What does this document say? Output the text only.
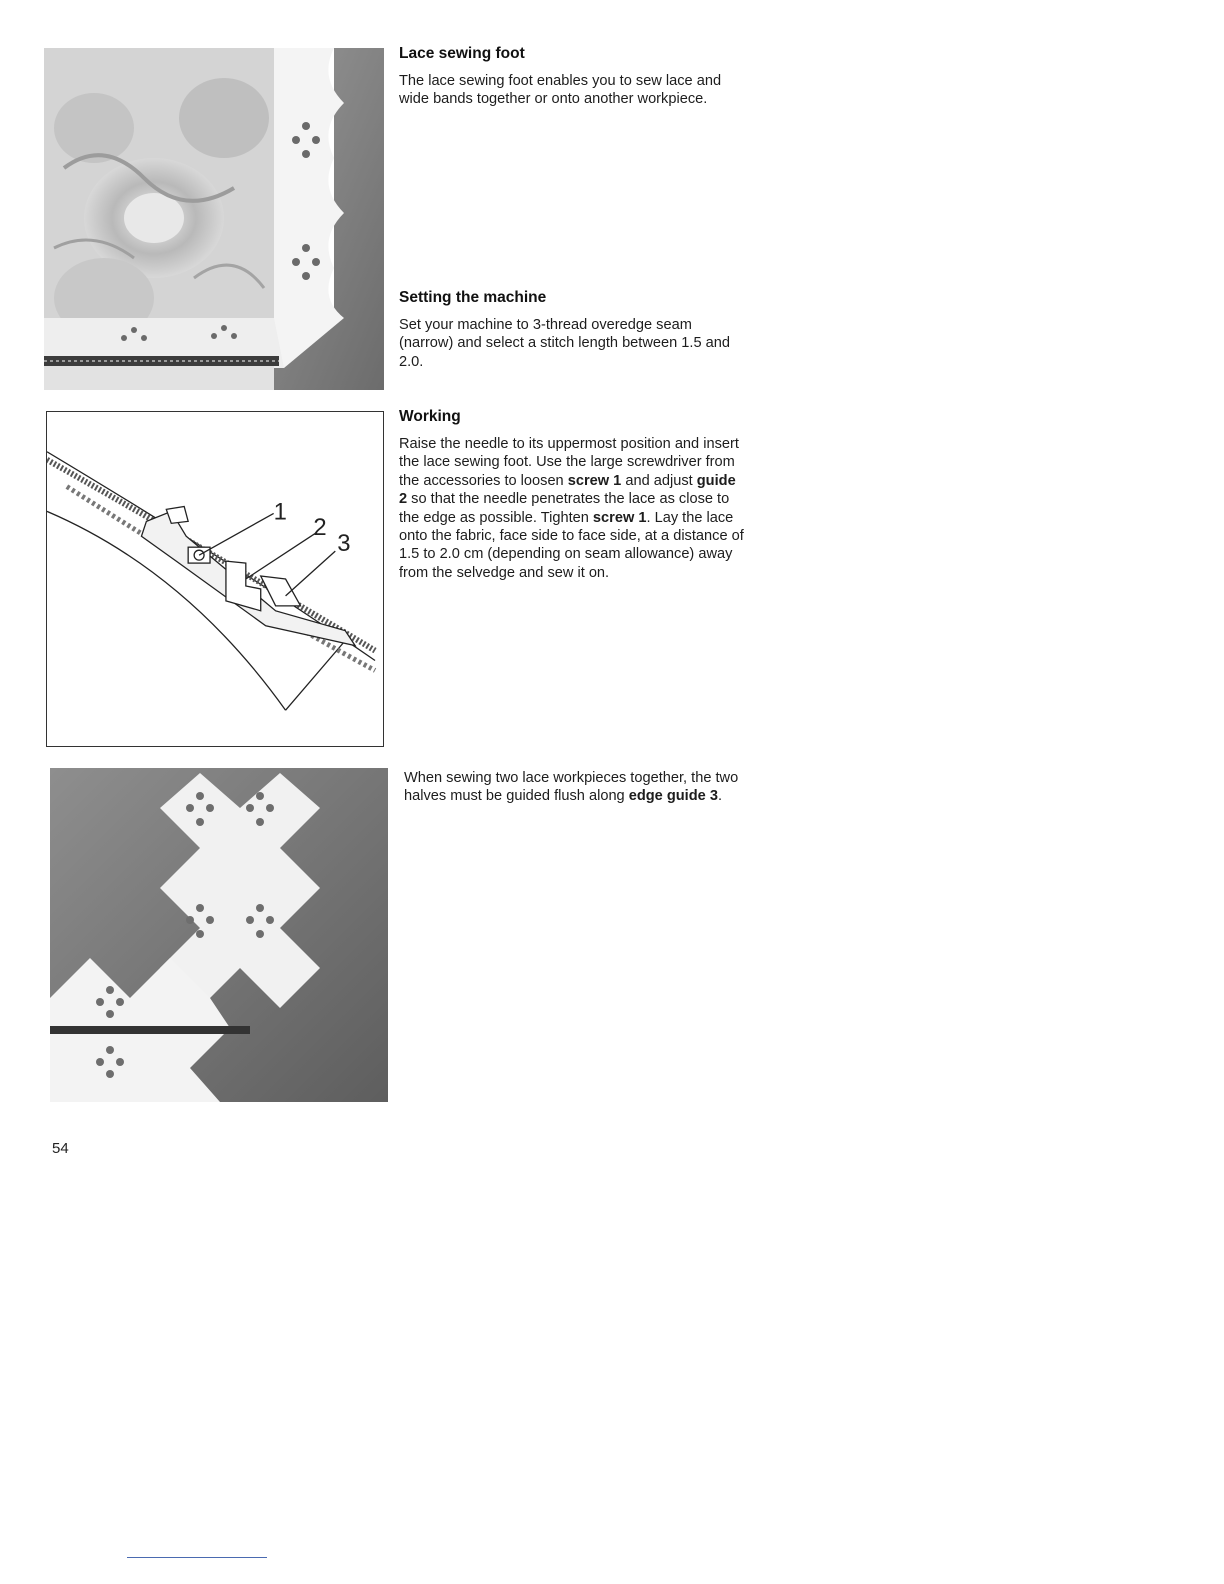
1
2
3
Lace sewing foot

The lace sewing foot enables you to sew lace and wide bands together or onto another workpiece.

Setting the machine

Set your machine to 3-thread overedge seam (narrow) and select a stitch length between 1.5 and 2.0.

Working

Raise the needle to its uppermost position and insert the lace sewing foot. Use the large screwdriver from the accessories to loosen screw 1 and adjust guide 2 so that the needle penetrates the lace as close to the edge as possible. Tighten screw 1. Lay the lace onto the fabric, face side to face side, at a distance of 1.5 to 2.0 cm (depending on seam allowance) away from the selvedge and sew it on.

When sewing two lace workpieces together, the two halves must be guided flush along edge guide 3.

54
